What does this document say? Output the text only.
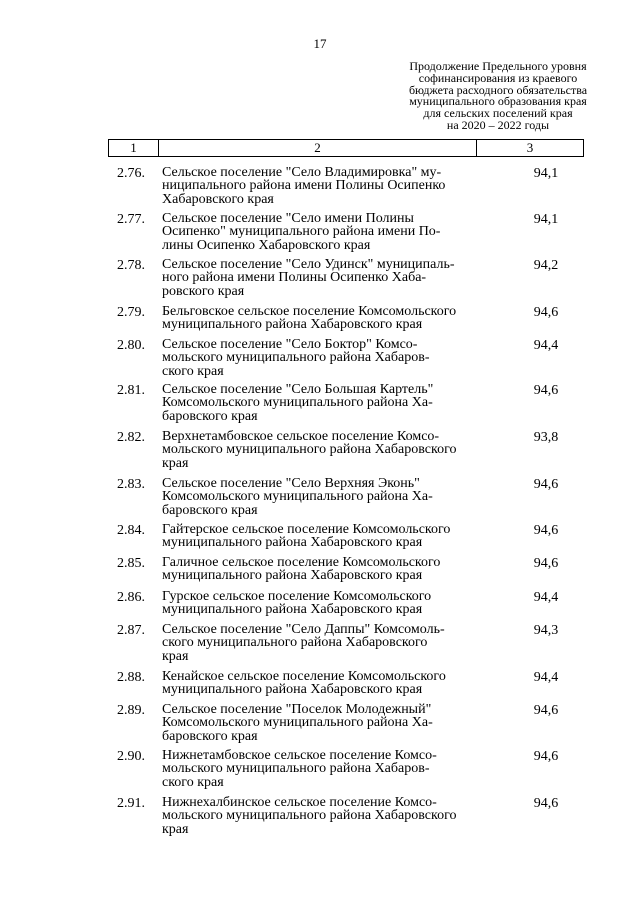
17
Продолжение Предельного уровня
софинансирования из краевого
бюджета расходного обязательства
муниципального образования края
для сельских поселений края
на 2020 – 2022 годы
1	2	3
2.76. Сельское поселение "Село Владимировка" му-
ниципального района имени Полины Осипенко
Хабаровского края
94,1
2.77. Сельское поселение "Село имени Полины
Осипенко" муниципального района имени По-
лины Осипенко Хабаровского края
94,1
2.78. Сельское поселение "Село Удинск" муниципаль-
ного района имени Полины Осипенко Хаба-
ровского края
94,2
2.79. Бельговское сельское поселение Комсомольского
муниципального района Хабаровского края
94,6
2.80. Сельское поселение "Село Боктор" Комсо-
мольского муниципального района Хабаров-
ского края
94,4
2.81. Сельское поселение "Село Большая Картель"
Комсомольского муниципального района Ха-
баровского края
94,6
2.82. Верхнетамбовское сельское поселение Комсо-
мольского муниципального района Хабаровского
края
93,8
2.83. Сельское поселение "Село Верхняя Эконь"
Комсомольского муниципального района Ха-
баровского края
94,6
2.84. Гайтерское сельское поселение Комсомольского
муниципального района Хабаровского края
94,6
2.85. Галичное сельское поселение Комсомольского
муниципального района Хабаровского края
94,6
2.86. Гурское сельское поселение Комсомольского
муниципального района Хабаровского края
94,4
2.87. Сельское поселение "Село Даппы" Комсомоль-
ского муниципального района Хабаровского
края
94,3
2.88. Кенайское сельское поселение Комсомольского
муниципального района Хабаровского края
94,4
2.89. Сельское поселение "Поселок Молодежный"
Комсомольского муниципального района Ха-
баровского края
94,6
2.90. Нижнетамбовское сельское поселение Комсо-
мольского муниципального района Хабаров-
ского края
94,6
2.91. Нижнехалбинское сельское поселение Комсо-
мольского муниципального района Хабаровского
края
94,6
